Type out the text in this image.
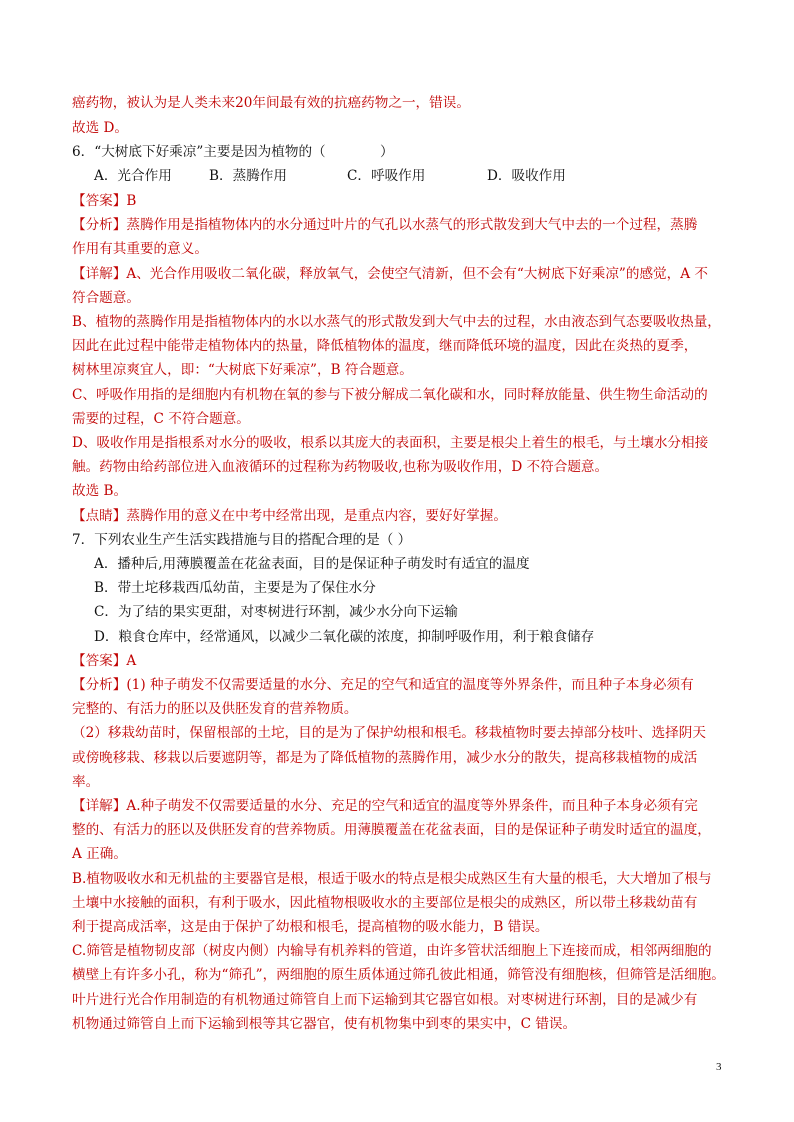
癌药物，被认为是人类未来20年间最有效的抗癌药物之一，错误。
故选 D。
6．“大树底下好乘凉”主要是因为植物的（　　　　）
【答案】B
【分析】蒸腾作用是指植物体内的水分通过叶片的气孔以水蒸气的形式散发到大气中去的一个过程，蒸腾
作用有其重要的意义。
【详解】A、光合作用吸收二氧化碳，释放氧气，会使空气清新，但不会有“大树底下好乘凉”的感觉，A 不
符合题意。
B、植物的蒸腾作用是指植物体内的水以水蒸气的形式散发到大气中去的过程，水由液态到气态要吸收热量，
因此在此过程中能带走植物体内的热量，降低植物体的温度，继而降低环境的温度，因此在炎热的夏季，
树林里凉爽宜人，即：“大树底下好乘凉”，B 符合题意。
C、呼吸作用指的是细胞内有机物在氧的参与下被分解成二氧化碳和水，同时释放能量、供生物生命活动的
需要的过程，C 不符合题意。
D、吸收作用是指根系对水分的吸收，根系以其庞大的表面积，主要是根尖上着生的根毛，与土壤水分相接
触。药物由给药部位进入血液循环的过程称为药物吸收,也称为吸收作用，D 不符合题意。
故选 B。
【点睛】蒸腾作用的意义在中考中经常出现，是重点内容，要好好掌握。
7．下列农业生产生活实践措施与目的搭配合理的是（ ）
A．播种后,用薄膜覆盖在花盆表面，目的是保证种子萌发时有适宜的温度
B．带土坨移栽西瓜幼苗，主要是为了保住水分
C．为了结的果实更甜，对枣树进行环割，减少水分向下运输
D．粮食仓库中，经常通风，以减少二氧化碳的浓度，抑制呼吸作用，利于粮食储存
【答案】A
【分析】(1) 种子萌发不仅需要适量的水分、充足的空气和适宜的温度等外界条件，而且种子本身必须有
完整的、有活力的胚以及供胚发育的营养物质。
（2）移栽幼苗时，保留根部的土坨，目的是为了保护幼根和根毛。移栽植物时要去掉部分枝叶、选择阴天
或傍晚移栽、移栽以后要遮阴等，都是为了降低植物的蒸腾作用，减少水分的散失，提高移栽植物的成活
率。
【详解】A.种子萌发不仅需要适量的水分、充足的空气和适宜的温度等外界条件，而且种子本身必须有完
整的、有活力的胚以及供胚发育的营养物质。用薄膜覆盖在花盆表面，目的是保证种子萌发时适宜的温度，
A 正确。
B.植物吸收水和无机盐的主要器官是根，根适于吸水的特点是根尖成熟区生有大量的根毛，大大增加了根与
土壤中水接触的面积，有利于吸水，因此植物根吸收水的主要部位是根尖的成熟区，所以带土移栽幼苗有
利于提高成活率，这是由于保护了幼根和根毛，提高植物的吸水能力，B 错误。
C.筛管是植物韧皮部（树皮内侧）内输导有机养料的管道，由许多管状活细胞上下连接而成，相邻两细胞的
横壁上有许多小孔，称为“筛孔”，两细胞的原生质体通过筛孔彼此相通，筛管没有细胞核，但筛管是活细胞。
叶片进行光合作用制造的有机物通过筛管自上而下运输到其它器官如根。对枣树进行环割，目的是减少有
机物通过筛管自上而下运输到根等其它器官，使有机物集中到枣的果实中，C 错误。
A．光合作用	B．蒸腾作用	C．呼吸作用	D．吸收作用
3
